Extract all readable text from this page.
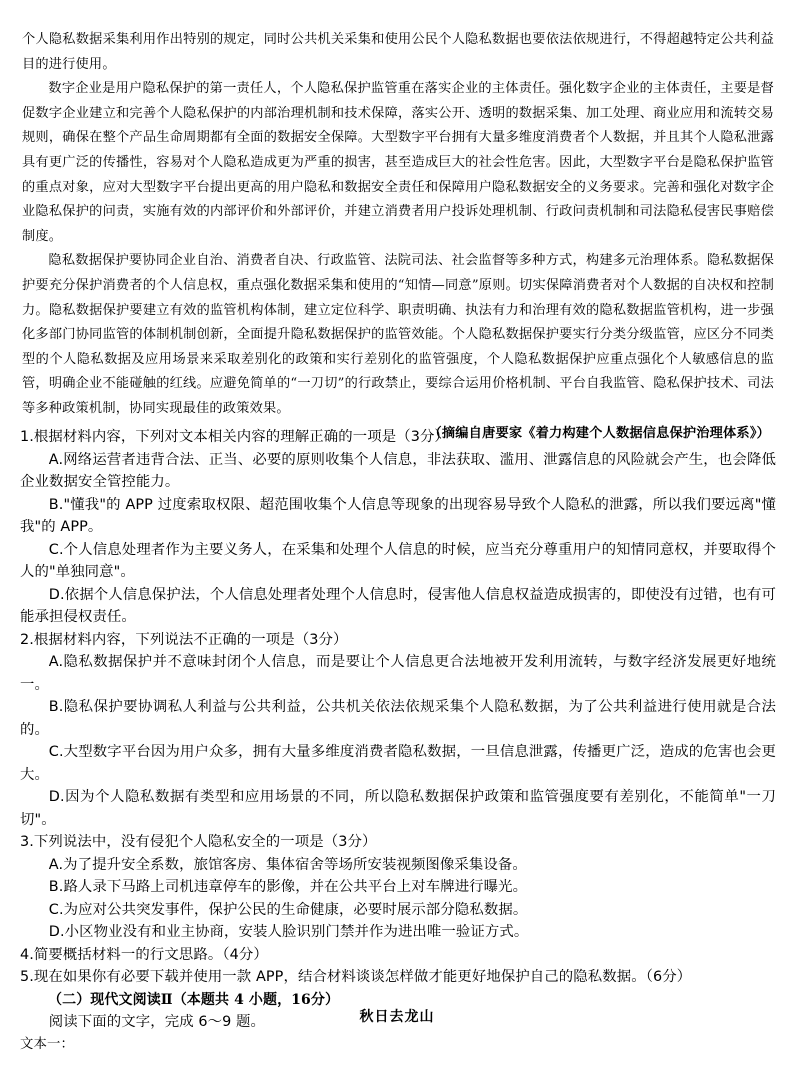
个人隐私数据采集利用作出特别的规定，同时公共机关采集和使用公民个人隐私数据也要依法依规进行，不得超越特定公共利益目的进行使用。

数字企业是用户隐私保护的第一责任人，个人隐私保护监管重在落实企业的主体责任。强化数字企业的主体责任，主要是督促数字企业建立和完善个人隐私保护的内部治理机制和技术保障，落实公开、透明的数据采集、加工处理、商业应用和流转交易规则，确保在整个产品生命周期都有全面的数据安全保障。大型数字平台拥有大量多维度消费者个人数据，并且其个人隐私泄露具有更广泛的传播性，容易对个人隐私造成更为严重的损害，甚至造成巨大的社会性危害。因此，大型数字平台是隐私保护监管的重点对象，应对大型数字平台提出更高的用户隐私和数据安全责任和保障用户隐私数据安全的义务要求。完善和强化对数字企业隐私保护的问责，实施有效的内部评价和外部评价，并建立消费者用户投诉处理机制、行政问责机制和司法隐私侵害民事赔偿制度。

隐私数据保护要协同企业自治、消费者自决、行政监管、法院司法、社会监督等多种方式，构建多元治理体系。隐私数据保护要充分保护消费者的个人信息权，重点强化数据采集和使用的“知情—同意”原则。切实保障消费者对个人数据的自决权和控制力。隐私数据保护要建立有效的监管机构体制，建立定位科学、职责明确、执法有力和治理有效的隐私数据监管机构，进一步强化多部门协同监管的体制机制创新，全面提升隐私数据保护的监管效能。个人隐私数据保护要实行分类分级监管，应区分不同类型的个人隐私数据及应用场景来采取差别化的政策和实行差别化的监管强度，个人隐私数据保护应重点强化个人敏感信息的监管，明确企业不能碰触的红线。应避免简单的“一刀切”的行政禁止，要综合运用价格机制、平台自我监管、隐私保护技术、司法等多种政策机制，协同实现最佳的政策效果。

（摘编自唐要家《着力构建个人数据信息保护治理体系》）

1.根据材料内容，下列对文本相关内容的理解正确的一项是（3分）

A.网络运营者违背合法、正当、必要的原则收集个人信息，非法获取、滥用、泄露信息的风险就会产生，也会降低企业数据安全管控能力。

B."懂我"的 APP 过度索取权限、超范围收集个人信息等现象的出现容易导致个人隐私的泄露，所以我们要远离"懂我"的 APP。

C.个人信息处理者作为主要义务人，在采集和处理个人信息的时候，应当充分尊重用户的知情同意权，并要取得个人的"单独同意"。

D.依据个人信息保护法，个人信息处理者处理个人信息时，侵害他人信息权益造成损害的，即使没有过错，也有可能承担侵权责任。

2.根据材料内容，下列说法不正确的一项是（3分）

A.隐私数据保护并不意味封闭个人信息，而是要让个人信息更合法地被开发利用流转，与数字经济发展更好地统一。

B.隐私保护要协调私人利益与公共利益，公共机关依法依规采集个人隐私数据，为了公共利益进行使用就是合法的。

C.大型数字平台因为用户众多，拥有大量多维度消费者隐私数据，一旦信息泄露，传播更广泛，造成的危害也会更大。

D.因为个人隐私数据有类型和应用场景的不同，所以隐私数据保护政策和监管强度要有差别化，不能简单"一刀切"。

3.下列说法中，没有侵犯个人隐私安全的一项是（3分）

A.为了提升安全系数，旅馆客房、集体宿舍等场所安装视频图像采集设备。

B.路人录下马路上司机违章停车的影像，并在公共平台上对车牌进行曝光。

C.为应对公共突发事件，保护公民的生命健康，必要时展示部分隐私数据。

D.小区物业没有和业主协商，安装人脸识别门禁并作为进出唯一验证方式。

4.简要概括材料一的行文思路。（4分）

5.现在如果你有必要下载并使用一款 APP，结合材料谈谈怎样做才能更好地保护自己的隐私数据。（6分）

（二）现代文阅读Ⅱ（本题共 4 小题，16分）

阅读下面的文字，完成 6～9 题。

文本一：

秋日去龙山
